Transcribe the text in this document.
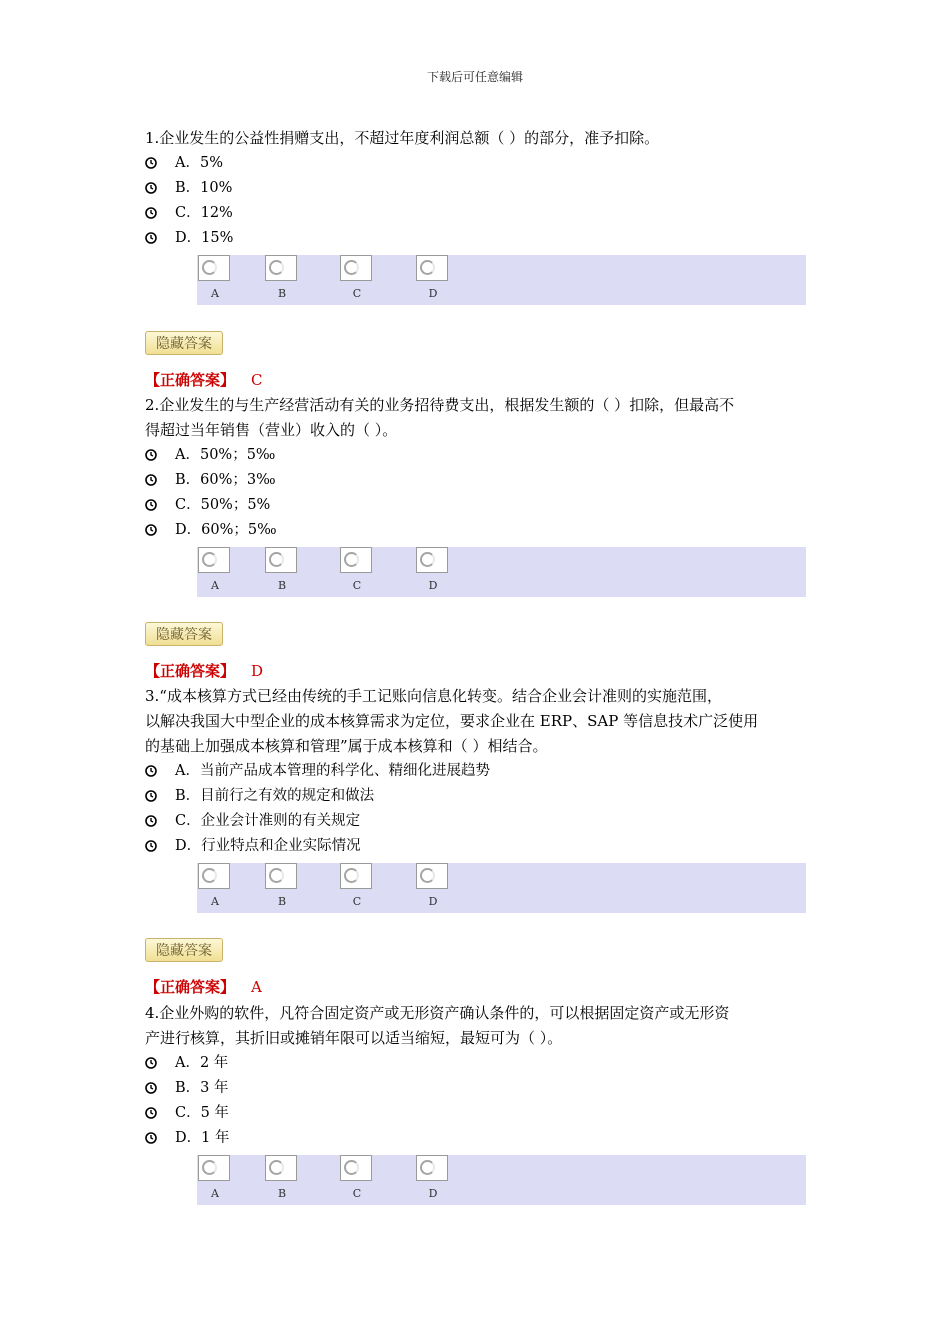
下载后可任意编辑

1.企业发生的公益性捐赠支出，不超过年度利润总额（ ）的部分，准予扣除。

A．5%
B．10%
C．12%
D．15%
A	B	C	D
隐藏答案
【正确答案】 C

2.企业发生的与生产经营活动有关的业务招待费支出，根据发生额的（ ）扣除，但最高不
得超过当年销售（营业）收入的（ ）。

A．50%；5‰
B．60%；3‰
C．50%；5%
D．60%；5‰
A	B	C	D
隐藏答案
【正确答案】 D

3.“成本核算方式已经由传统的手工记账向信息化转变。结合企业会计准则的实施范围，
以解决我国大中型企业的成本核算需求为定位，要求企业在 ERP、SAP 等信息技术广泛使用
的基础上加强成本核算和管理”属于成本核算和（ ）相结合。

A．当前产品成本管理的科学化、精细化进展趋势
B．目前行之有效的规定和做法
C．企业会计准则的有关规定
D．行业特点和企业实际情况
A	B	C	D
隐藏答案
【正确答案】 A

4.企业外购的软件，凡符合固定资产或无形资产确认条件的，可以根据固定资产或无形资
产进行核算，其折旧或摊销年限可以适当缩短，最短可为（ ）。

A．2 年
B．3 年
C．5 年
D．1 年
A	B	C	D
